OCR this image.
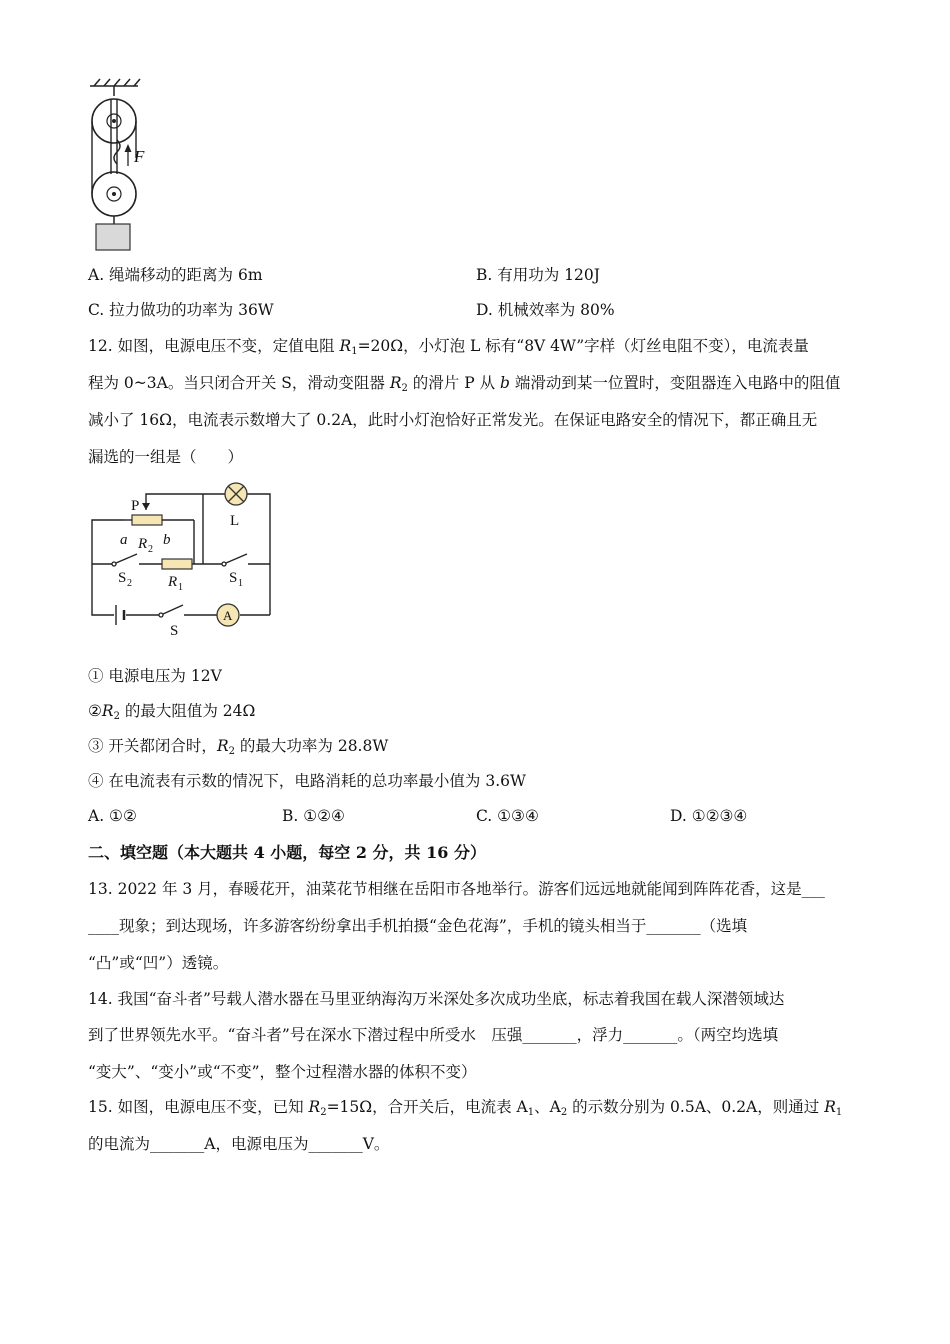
F
A. 绳端移动的距离为 6m	B. 有用功为 120J
C. 拉力做功的功率为 36W	D. 机械效率为 80%
12. 如图，电源电压不变，定值电阻 $R_1=20\Omega$，小灯泡 L 标有“8V 4W”字样（灯丝电阻不变），电流表量
程为 0~3A。当只闭合开关 S，滑动变阻器 $R_2$ 的滑片 P 从 b 端滑动到某一位置时，变阻器连入电路中的阻值
减小了 16Ω，电流表示数增大了 0.2A，此时小灯泡恰好正常发光。在保证电路安全的情况下，都正确且无
漏选的一组是（　　）
P
L
a R 2
b
S 2 R 1
S 1
S
A
① 电源电压为 12V
$②R_2$ 的最大阻值为 24Ω
③ 开关都闭合时，$R_2$ 的最大功率为 28.8W
④ 在电流表有示数的情况下，电路消耗的总功率最小值为 3.6W
A. ①②	B. ①②④	C. ①③④	D. ①②③④
二、填空题（本大题共 4 小题，每空 2 分，共 16 分）
13. 2022 年 3 月，春暖花开，油菜花节相继在岳阳市各地举行。游客们远远地就能闻到阵阵花香，这是___
____现象；到达现场，许多游客纷纷拿出手机拍摄“金色花海”，手机的镜头相当于_______（选填
“凸”或“凹”）透镜。
14. 我国“奋斗者”号载人潜水器在马里亚纳海沟万米深处多次成功坐底，标志着我国在载人深潜领域达
到了世界领先水平。“奋斗者”号在深水下潜过程中所受水　压强_______，浮力_______。（两空均选填
“变大”、“变小”或“不变”，整个过程潜水器的体积不变）
15. 如图，电源电压不变，已知 $R_2=15\Omega$，合开关后，电流表 $A_1$、$A_2$ 的示数分别为 0.5A、0.2A，则通过 $R_1$
的电流为_______A，电源电压为_______V。
